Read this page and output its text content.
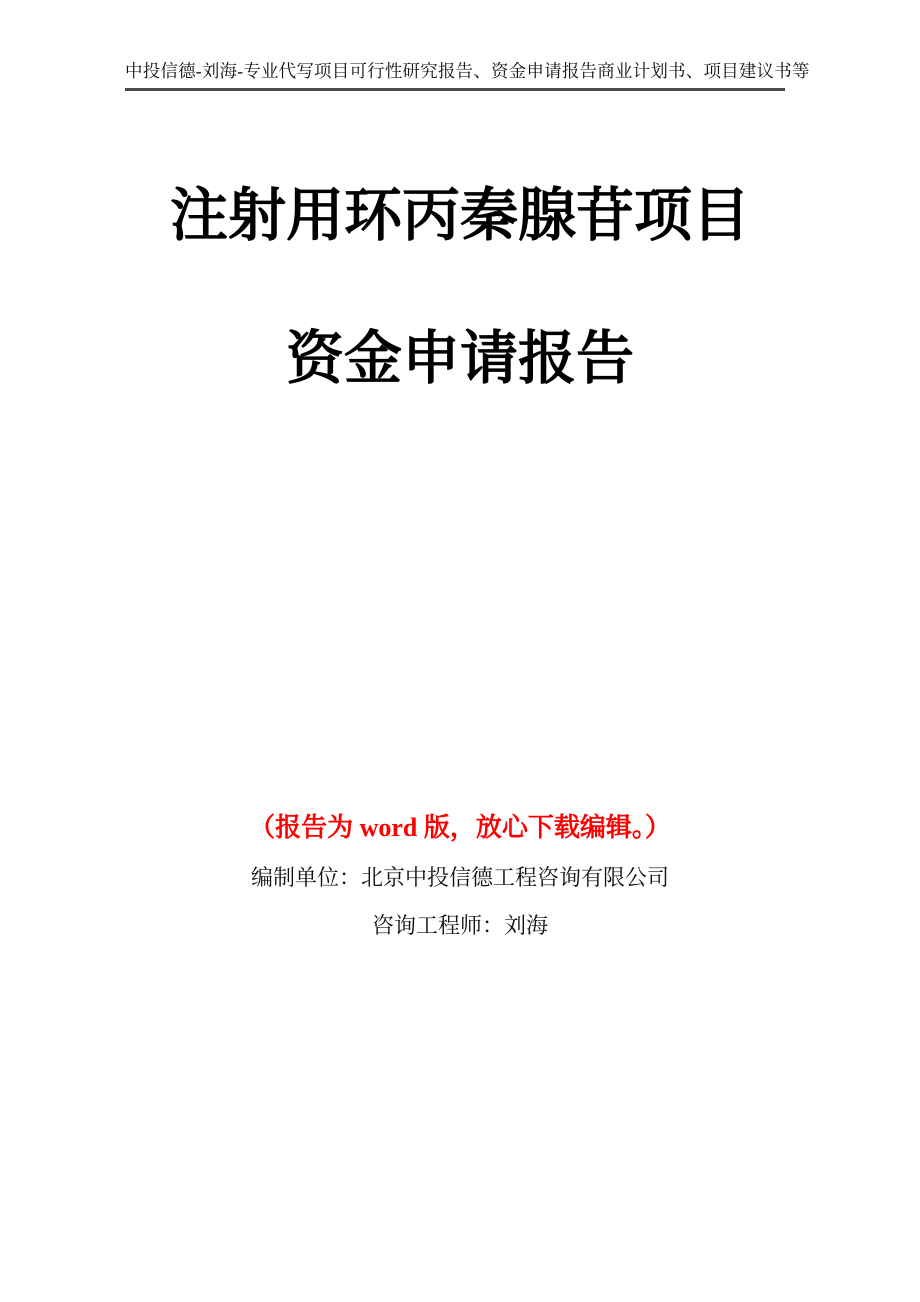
中投信德-刘海-专业代写项目可行性研究报告、资金申请报告商业计划书、项目建议书等
注射用环丙秦腺苷项目
资金申请报告
（报告为 word 版，放心下载编辑。）
编制单位：北京中投信德工程咨询有限公司
咨询工程师：刘海
